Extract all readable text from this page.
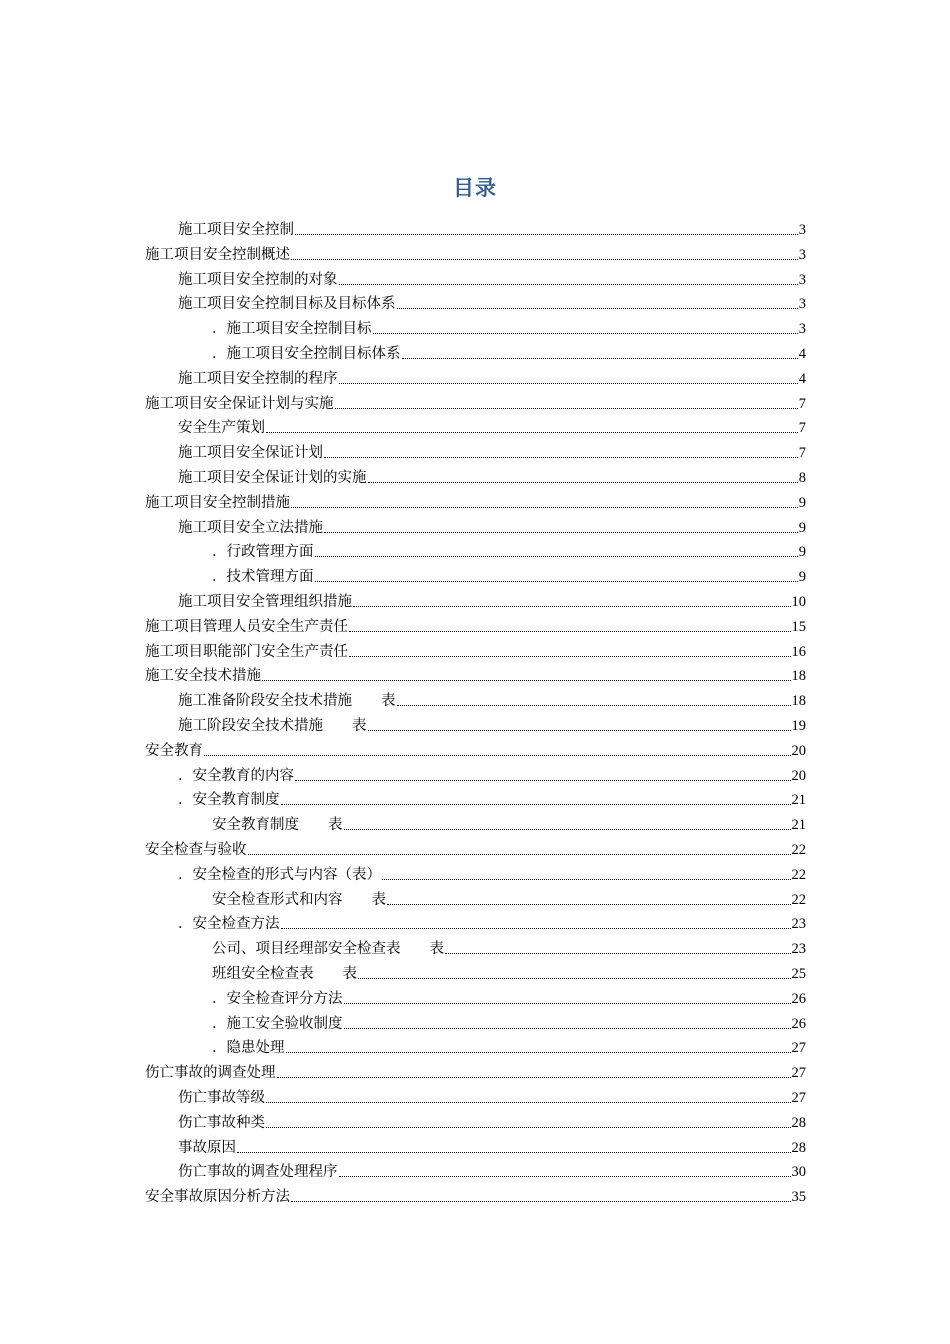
目录
施工项目安全控制	3
施工项目安全控制概述	3
施工项目安全控制的对象	3
施工项目安全控制目标及目标体系	3
．施工项目安全控制目标	3
．施工项目安全控制目标体系	4
施工项目安全控制的程序	4
施工项目安全保证计划与实施	7
安全生产策划	7
施工项目安全保证计划	7
施工项目安全保证计划的实施	8
施工项目安全控制措施	9
施工项目安全立法措施	9
．行政管理方面	9
．技术管理方面	9
施工项目安全管理组织措施	10
施工项目管理人员安全生产责任	15
施工项目职能部门安全生产责任	16
施工安全技术措施	18
施工准备阶段安全技术措施　　表	18
施工阶段安全技术措施　　表	19
安全教育	20
．安全教育的内容	20
．安全教育制度	21
安全教育制度　　表	21
安全检查与验收	22
．安全检查的形式与内容（表）	22
安全检查形式和内容　　表	22
．安全检查方法	23
公司、项目经理部安全检查表　　表	23
班组安全检查表　　表	25
．安全检查评分方法	26
．施工安全验收制度	26
．隐患处理	27
伤亡事故的调查处理	27
伤亡事故等级	27
伤亡事故种类	28
事故原因	28
伤亡事故的调查处理程序	30
安全事故原因分析方法	35
